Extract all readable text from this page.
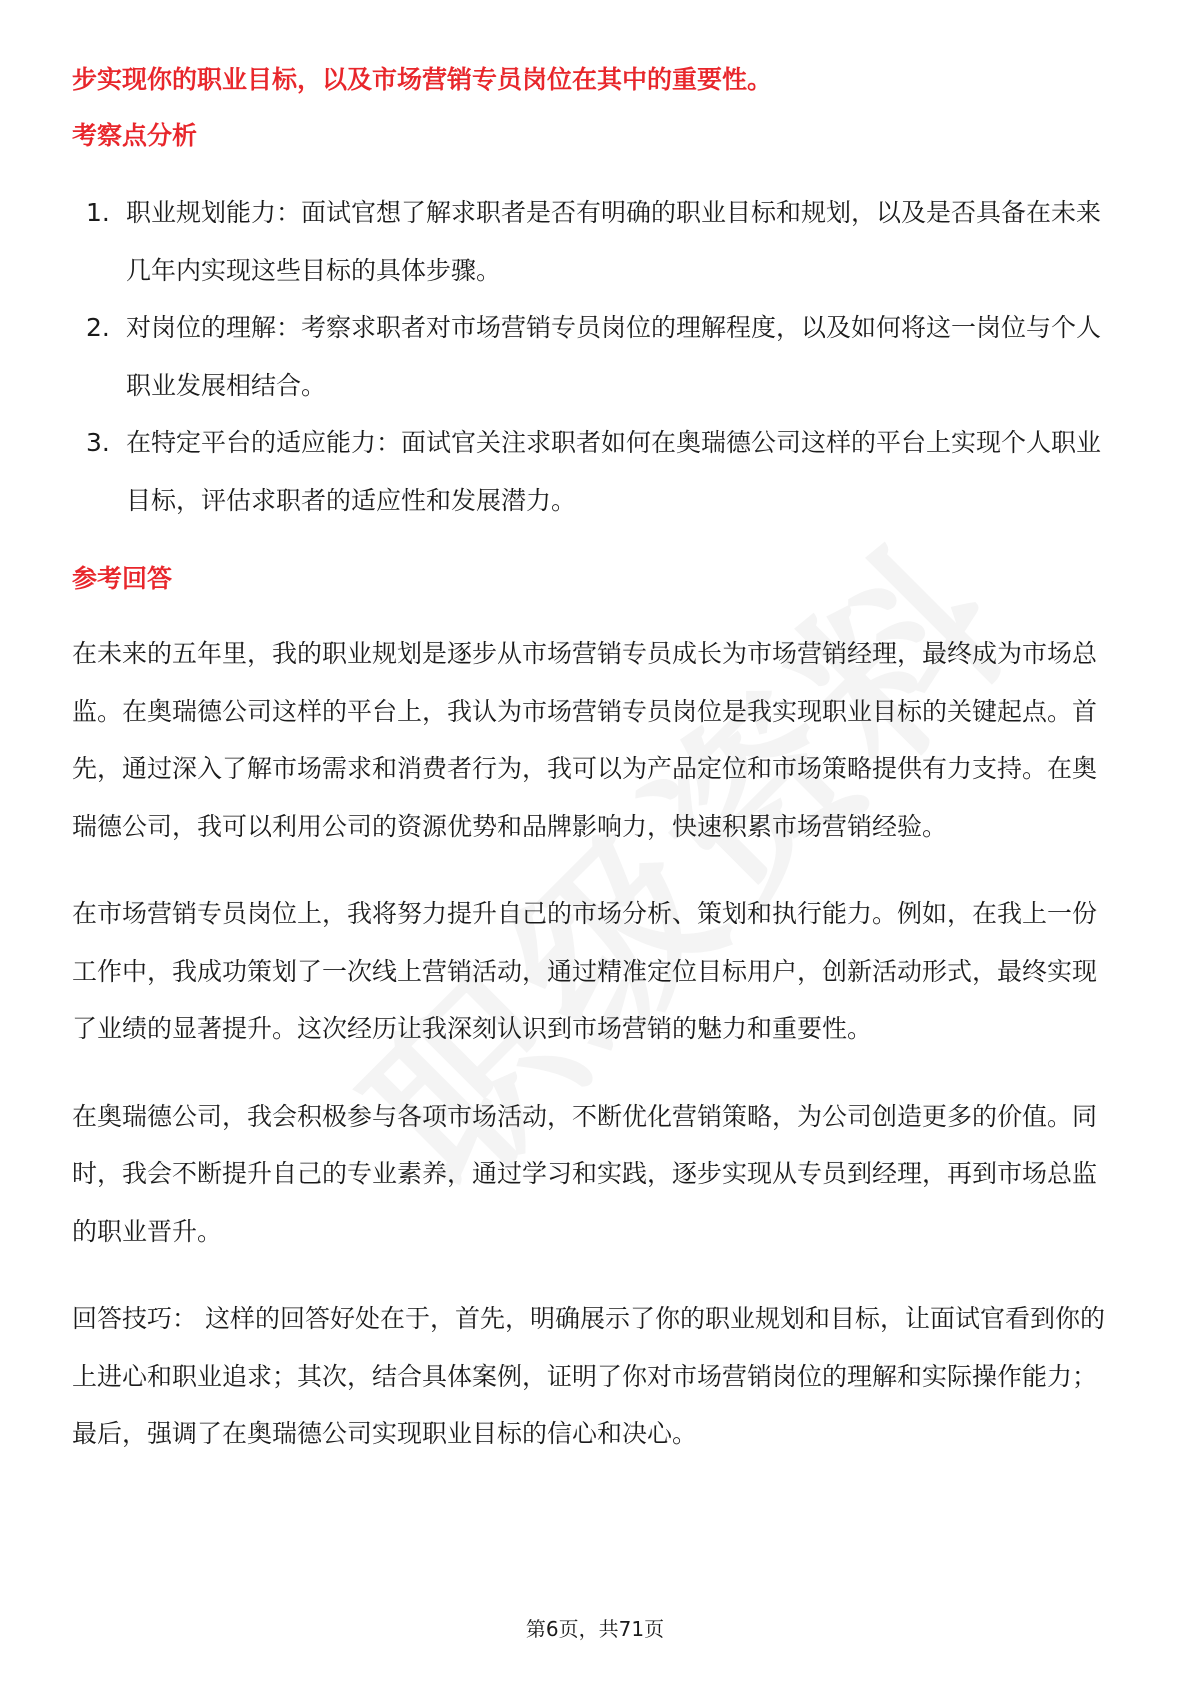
步实现你的职业目标，以及市场营销专员岗位在其中的重要性。

考察点分析
1. 职业规划能力：面试官想了解求职者是否有明确的职业目标和规划，以及是否具备在未来几年内实现这些目标的具体步骤。
2. 对岗位的理解：考察求职者对市场营销专员岗位的理解程度，以及如何将这一岗位与个人职业发展相结合。
3. 在特定平台的适应能力：面试官关注求职者如何在奥瑞德公司这样的平台上实现个人职业目标，评估求职者的适应性和发展潜力。
参考回答

在未来的五年里，我的职业规划是逐步从市场营销专员成长为市场营销经理，最终成为市场总监。在奥瑞德公司这样的平台上，我认为市场营销专员岗位是我实现职业目标的关键起点。首先，通过深入了解市场需求和消费者行为，我可以为产品定位和市场策略提供有力支持。在奥瑞德公司，我可以利用公司的资源优势和品牌影响力，快速积累市场营销经验。

在市场营销专员岗位上，我将努力提升自己的市场分析、策划和执行能力。例如，在我上一份工作中，我成功策划了一次线上营销活动，通过精准定位目标用户，创新活动形式，最终实现了业绩的显著提升。这次经历让我深刻认识到市场营销的魅力和重要性。

在奥瑞德公司，我会积极参与各项市场活动，不断优化营销策略，为公司创造更多的价值。同时，我会不断提升自己的专业素养，通过学习和实践，逐步实现从专员到经理，再到市场总监的职业晋升。

回答技巧： 这样的回答好处在于，首先，明确展示了你的职业规划和目标，让面试官看到你的上进心和职业追求；其次，结合具体案例，证明了你对市场营销岗位的理解和实际操作能力；最后，强调了在奥瑞德公司实现职业目标的信心和决心。

第6页，共71页
